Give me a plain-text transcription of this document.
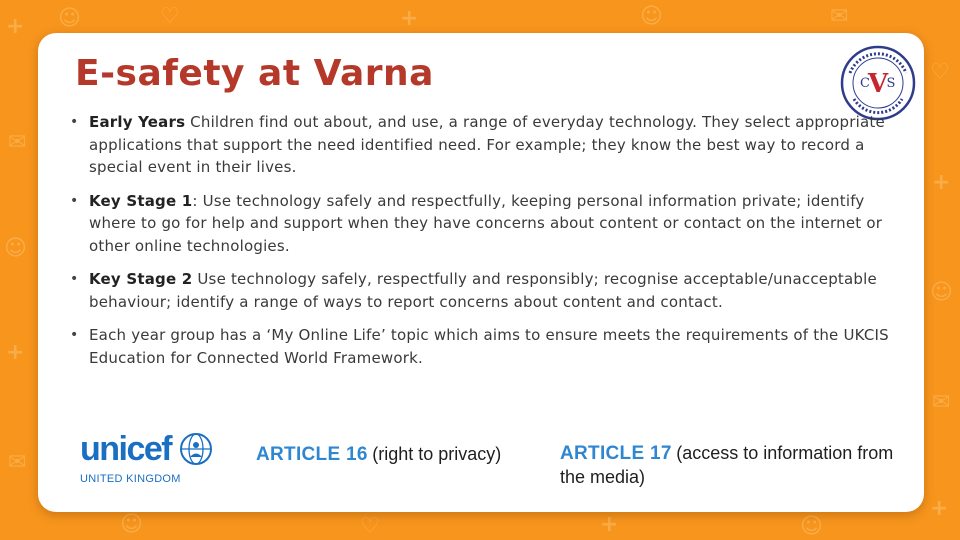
+ ☺
✉
☺
+
✉
♡
+
☺
✉
+
♡	+	☺	✉
☺	♡	+	☺
E-safety at Varna	V
C S
• Early Years Children find out about, and use, a range of everyday technology. They select appropriate applications that support the need identified need. For example; they know the best way to record a special event in their lives.
• Key Stage 1: Use technology safely and respectfully, keeping personal information private; identify where to go for help and support when they have concerns about content or contact on the internet or other online technologies.
• Key Stage 2 Use technology safely, respectfully and responsibly; recognise acceptable/unacceptable behaviour; identify a range of ways to report concerns about content and contact.
• Each year group has a ‘My Online Life’ topic which aims to ensure meets the requirements of the UKCIS Education for Connected World Framework.
unicef
UNITED KINGDOM
ARTICLE 16 (right to privacy)	ARTICLE 17 (access to information from the media)
